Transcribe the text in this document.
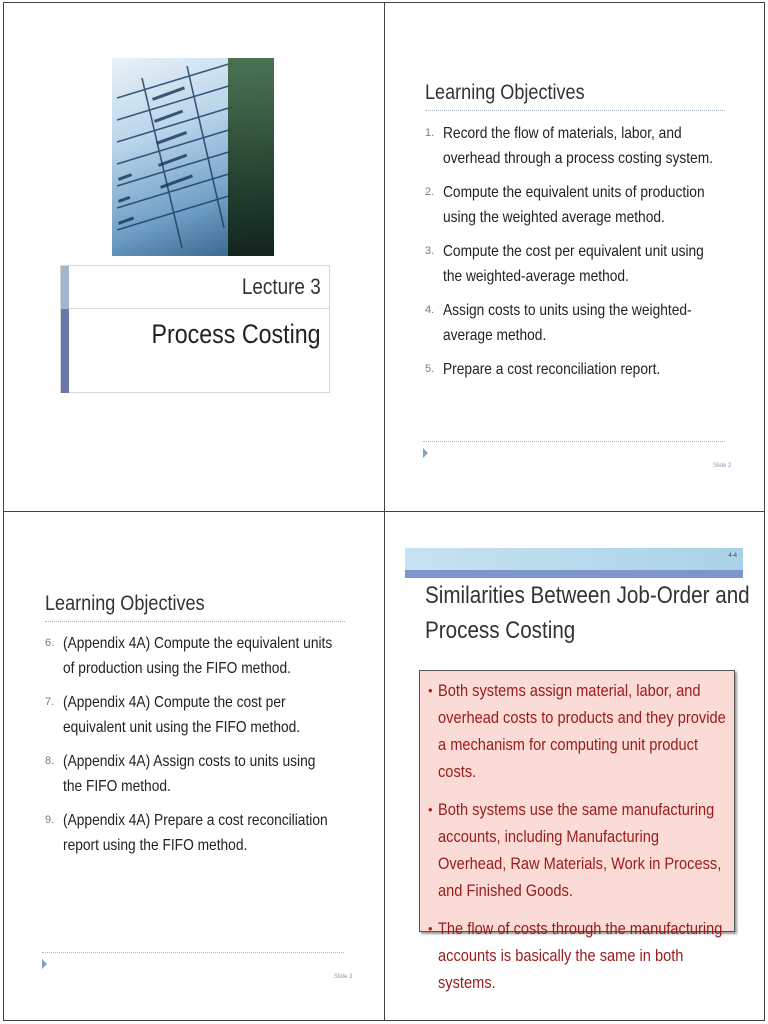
Lecture 3
Process Costing
Learning Objectives
1. Record the flow of materials, labor, and overhead through a process costing system.
2. Compute the equivalent units of production using the weighted average method.
3. Compute the cost per equivalent unit using the weighted-average method.
4. Assign costs to units using the weighted-average method.
5. Prepare a cost reconciliation report.
Slide 2
Learning Objectives
6. (Appendix 4A) Compute the equivalent units of production using the FIFO method.
7. (Appendix 4A) Compute the cost per equivalent unit using the FIFO method.
8. (Appendix 4A) Assign costs to units using the FIFO method.
9. (Appendix 4A) Prepare a cost reconciliation report using the FIFO method.
Slide 3
4-4
Similarities Between Job-Order and
Process Costing
• Both systems assign material, labor, and overhead costs to products and they provide a mechanism for computing unit product costs.
• Both systems use the same manufacturing accounts, including Manufacturing Overhead, Raw Materials, Work in Process, and Finished Goods.
• The flow of costs through the manufacturing accounts is basically the same in both systems.
